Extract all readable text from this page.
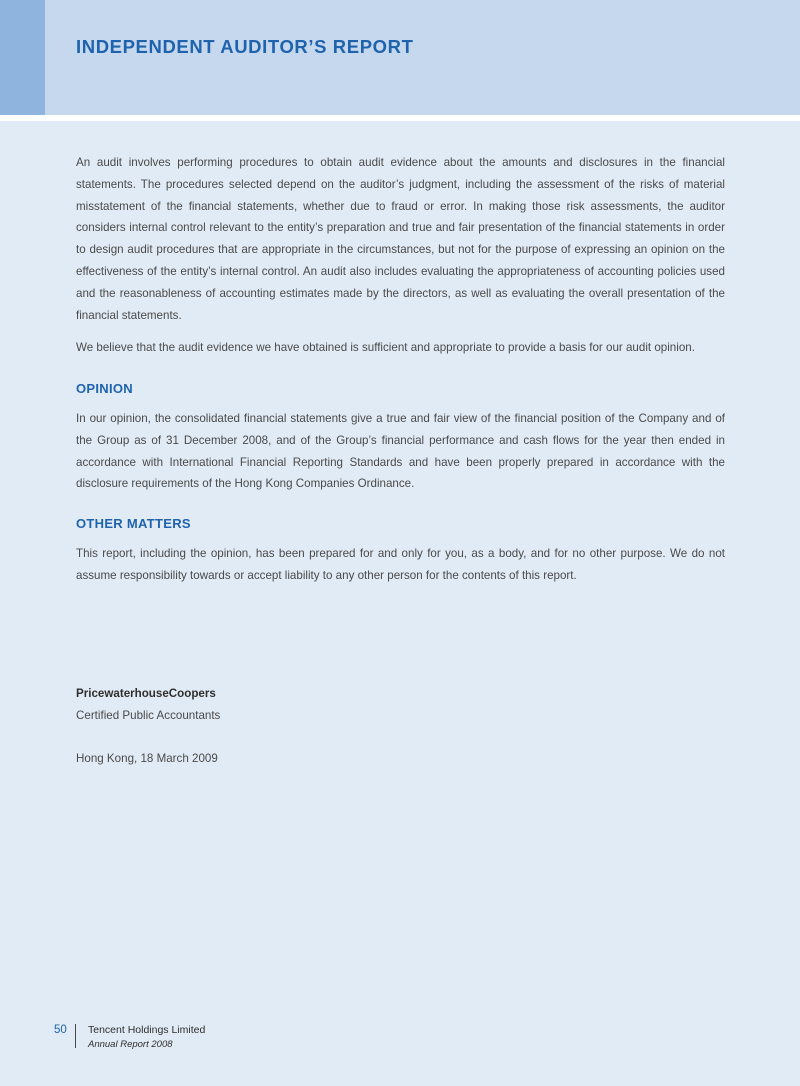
INDEPENDENT AUDITOR’S REPORT

An audit involves performing procedures to obtain audit evidence about the amounts and disclosures in the financial statements. The procedures selected depend on the auditor’s judgment, including the assessment of the risks of material misstatement of the financial statements, whether due to fraud or error. In making those risk assessments, the auditor considers internal control relevant to the entity’s preparation and true and fair presentation of the financial statements in order to design audit procedures that are appropriate in the circumstances, but not for the purpose of expressing an opinion on the effectiveness of the entity’s internal control. An audit also includes evaluating the appropriateness of accounting policies used and the reasonableness of accounting estimates made by the directors, as well as evaluating the overall presentation of the financial statements.

We believe that the audit evidence we have obtained is sufficient and appropriate to provide a basis for our audit opinion.

OPINION

In our opinion, the consolidated financial statements give a true and fair view of the financial position of the Company and of the Group as of 31 December 2008, and of the Group’s financial performance and cash flows for the year then ended in accordance with International Financial Reporting Standards and have been properly prepared in accordance with the disclosure requirements of the Hong Kong Companies Ordinance.

OTHER MATTERS

This report, including the opinion, has been prepared for and only for you, as a body, and for no other purpose. We do not assume responsibility towards or accept liability to any other person for the contents of this report.

PricewaterhouseCoopers
Certified Public Accountants
Hong Kong, 18 March 2009
50 Tencent Holdings Limited
Annual Report 2008
